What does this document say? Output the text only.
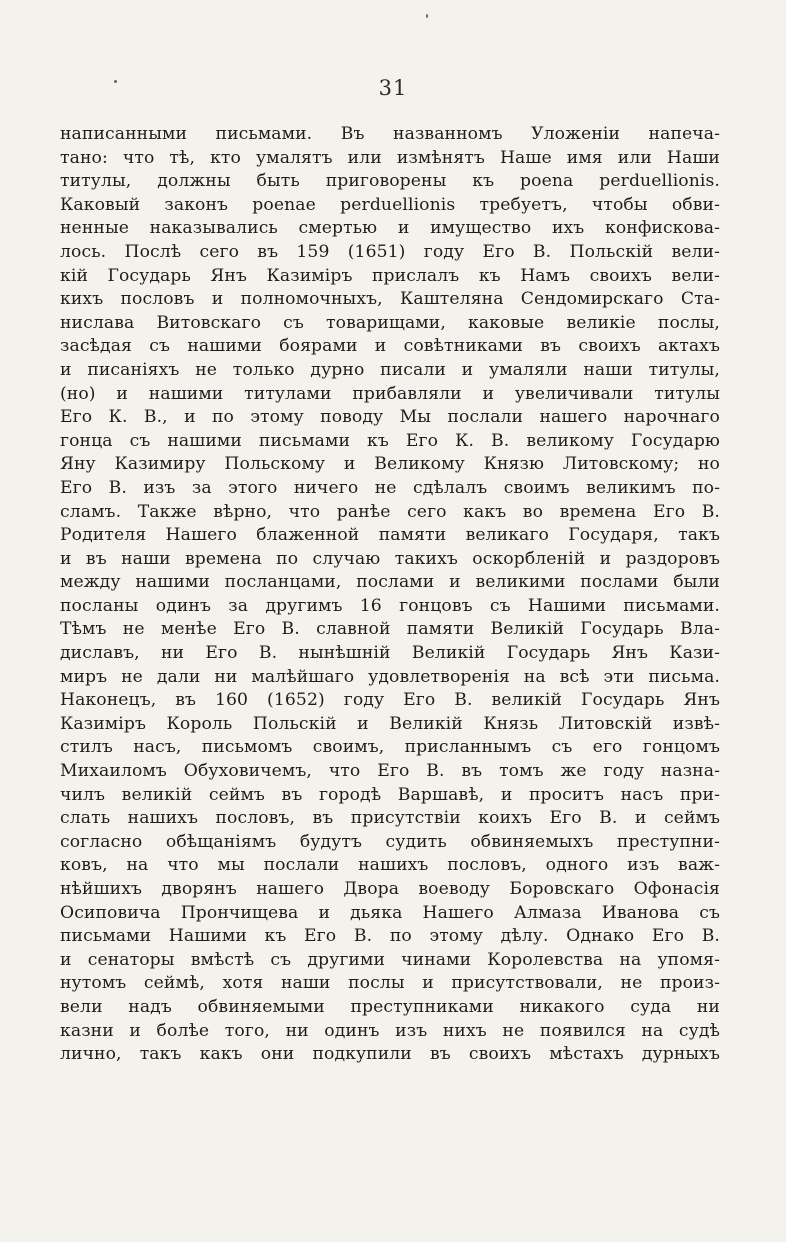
31
написанными письмами. Въ названномъ Уложеніи напеча-
тано: что тѣ, кто умалятъ или измѣнятъ Наше имя или Наши
титулы, должны быть приговорены къ poena perduellionis.
Каковый законъ poenae perduellionis требуетъ, чтобы обви-
ненные наказывались смертью и имущество ихъ конфискова-
лось. Послѣ сего въ 159 (1651) году Его В. Польскій вели-
кій Государь Янъ Казиміръ прислалъ къ Намъ своихъ вели-
кихъ пословъ и полномочныхъ, Каштеляна Сендомирскаго Ста-
нислава Витовскаго съ товарищами, каковые великіе послы,
засѣдая съ нашими боярами и совѣтниками въ своихъ актахъ
и писаніяхъ не только дурно писали и умаляли наши титулы,
(но) и нашими титулами прибавляли и увеличивали титулы
Его К. В., и по этому поводу Мы послали нашего нарочнаго
гонца съ нашими письмами къ Его К. В. великому Государю
Яну Казимиру Польскому и Великому Князю Литовскому; но
Его В. изъ за этого ничего не сдѣлалъ своимъ великимъ по-
сламъ. Также вѣрно, что ранѣе сего какъ во времена Его В.
Родителя Нашего блаженной памяти великаго Государя, такъ
и въ наши времена по случаю такихъ оскорбленій и раздоровъ
между нашими посланцами, послами и великими послами были
посланы одинъ за другимъ 16 гонцовъ съ Нашими письмами.
Тѣмъ не менѣе Его В. славной памяти Великій Государь Вла-
диславъ, ни Его В. нынѣшній Великій Государь Янъ Кази-
миръ не дали ни малѣйшаго удовлетворенія на всѣ эти письма.
Наконецъ, въ 160 (1652) году Его В. великій Государь Янъ
Казиміръ Король Польскій и Великій Князь Литовскій извѣ-
стилъ насъ, письмомъ своимъ, присланнымъ съ его гонцомъ
Михаиломъ Обуховичемъ, что Его В. въ томъ же году назна-
чилъ великій сеймъ въ городѣ Варшавѣ, и проситъ насъ при-
слать нашихъ пословъ, въ присутствіи коихъ Его В. и сеймъ
согласно обѣщаніямъ будутъ судить обвиняемыхъ преступни-
ковъ, на что мы послали нашихъ пословъ, одного изъ важ-
нѣйшихъ дворянъ нашего Двора воеводу Боровскаго Офонасія
Осиповича Прончищева и дьяка Нашего Алмаза Иванова съ
письмами Нашими къ Его В. по этому дѣлу. Однако Его В.
и сенаторы вмѣстѣ съ другими чинами Королевства на упомя-
нутомъ сеймѣ, хотя наши послы и присутствовали, не произ-
вели надъ обвиняемыми преступниками никакого суда ни
казни и болѣе того, ни одинъ изъ нихъ не появился на судѣ
лично, такъ какъ они подкупили въ своихъ мѣстахъ дурныхъ
